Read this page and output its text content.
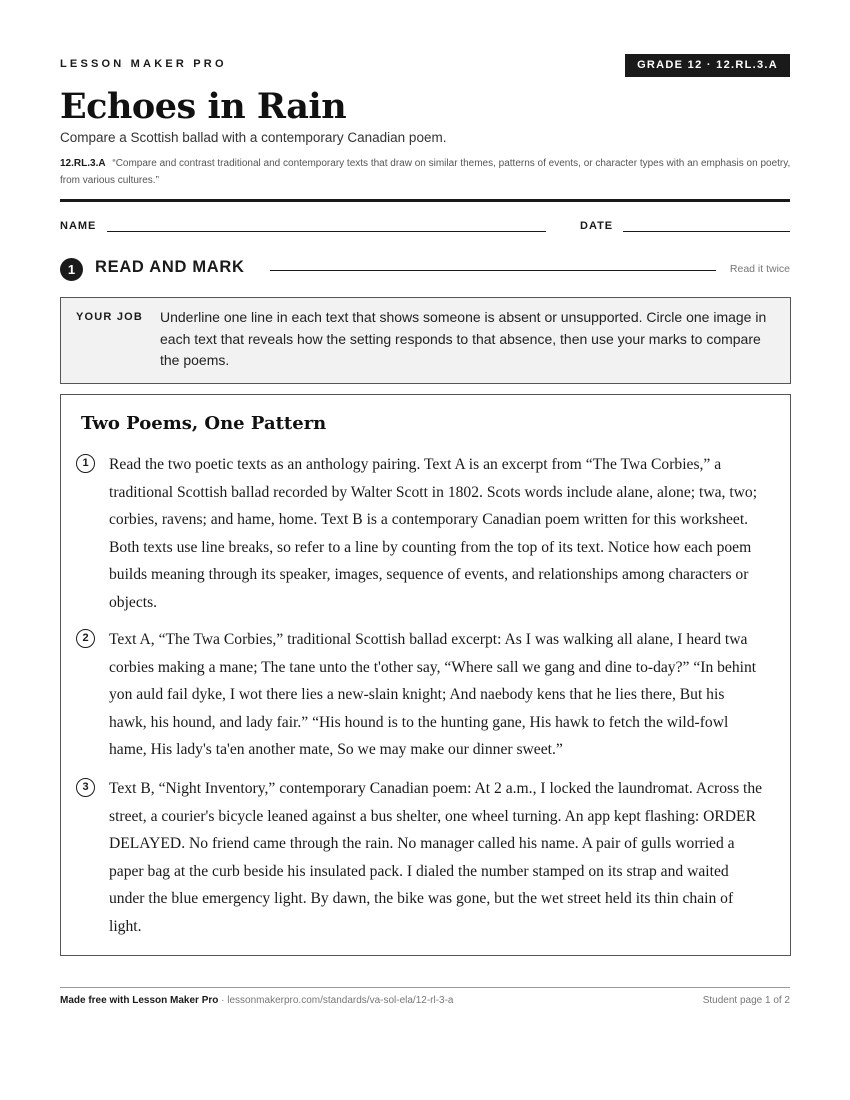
LESSON MAKER PRO	GRADE 12 · 12.RL.3.A
Echoes in Rain
Compare a Scottish ballad with a contemporary Canadian poem.
12.RL.3.A “Compare and contrast traditional and contemporary texts that draw on similar themes, patterns of events, or character types with an emphasis on poetry, from various cultures.”
NAME	DATE
1	READ AND MARK	Read it twice
YOUR JOB Underline one line in each text that shows someone is absent or unsupported. Circle one image in each text that reveals how the setting responds to that absence, then use your marks to compare the poems.
Two Poems, One Pattern
1	Read the two poetic texts as an anthology pairing. Text A is an excerpt from “The Twa Corbies,” a traditional Scottish ballad recorded by Walter Scott in 1802. Scots words include alane, alone; twa, two; corbies, ravens; and hame, home. Text B is a contemporary Canadian poem written for this worksheet. Both texts use line breaks, so refer to a line by counting from the top of its text. Notice how each poem builds meaning through its speaker, images, sequence of events, and relationships among characters or objects.
2	Text A, “The Twa Corbies,” traditional Scottish ballad excerpt: As I was walking all alane, I heard twa corbies making a mane; The tane unto the t'other say, “Where sall we gang and dine to-day?” “In behint yon auld fail dyke, I wot there lies a new-slain knight; And naebody kens that he lies there, But his hawk, his hound, and lady fair.” “His hound is to the hunting gane, His hawk to fetch the wild-fowl hame, His lady's ta'en another mate, So we may make our dinner sweet.”
3	Text B, “Night Inventory,” contemporary Canadian poem: At 2 a.m., I locked the laundromat. Across the street, a courier's bicycle leaned against a bus shelter, one wheel turning. An app kept flashing: ORDER DELAYED. No friend came through the rain. No manager called his name. A pair of gulls worried a paper bag at the curb beside his insulated pack. I dialed the number stamped on its strap and waited under the blue emergency light. By dawn, the bike was gone, but the wet street held its thin chain of light.
Made free with Lesson Maker Pro · lessonmakerpro.com/standards/va-sol-ela/12-rl-3-a	Student page 1 of 2
